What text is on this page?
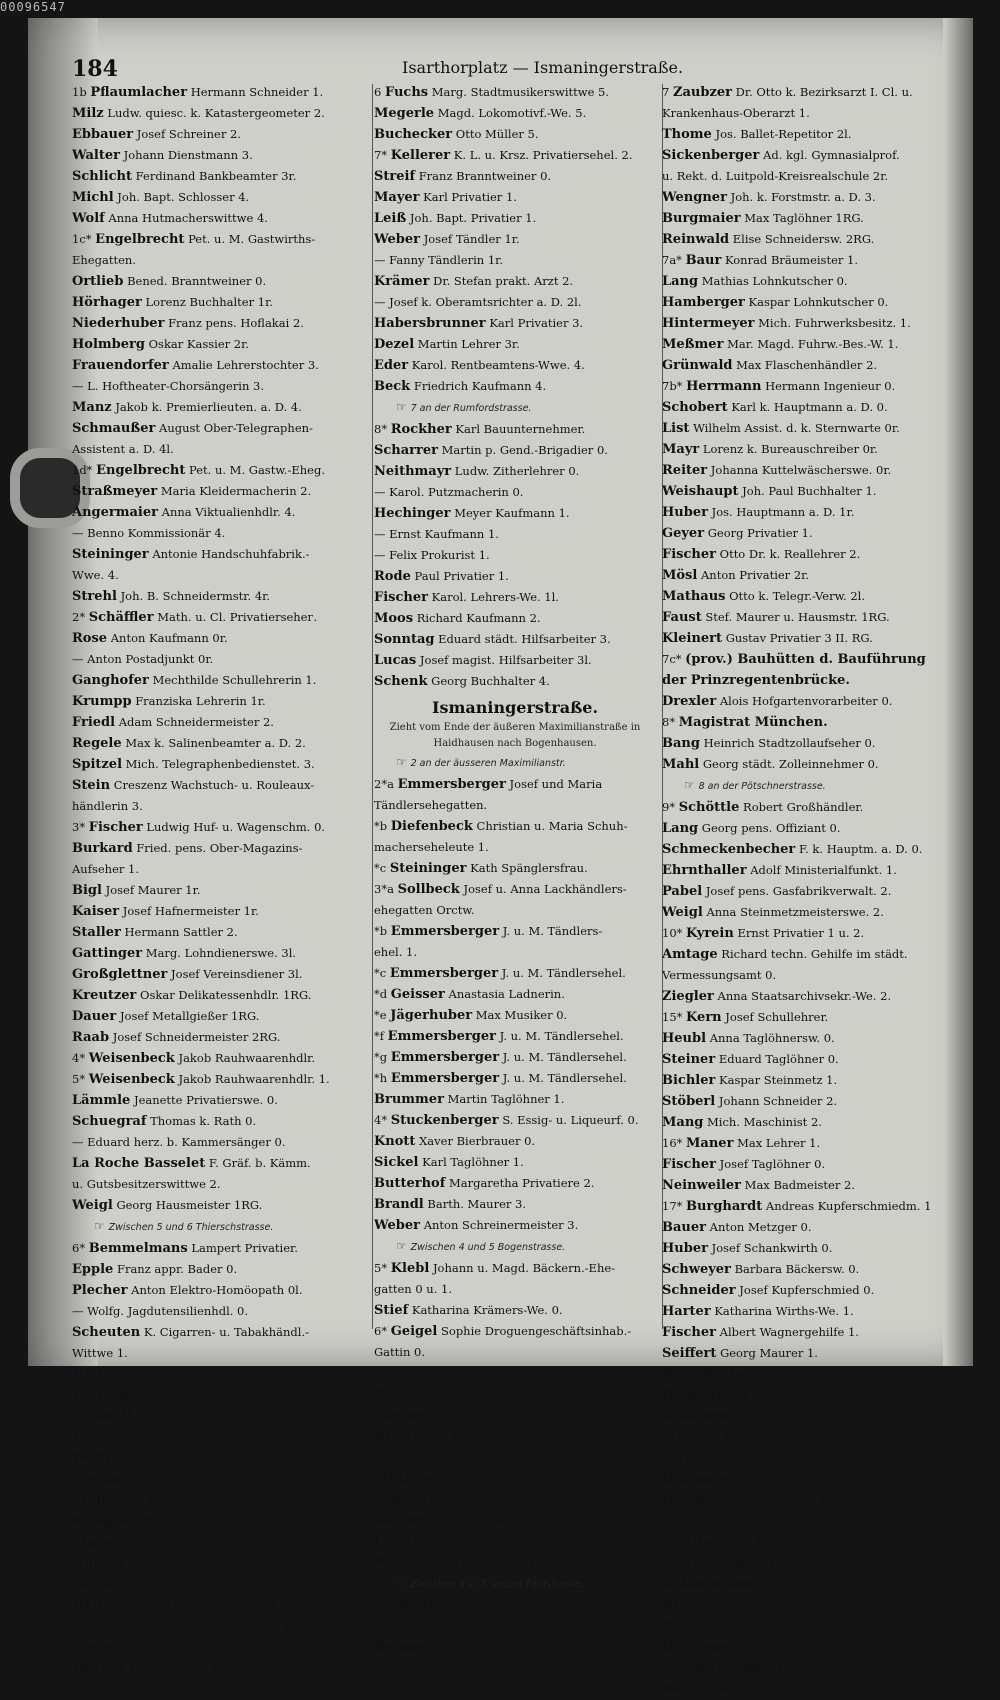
00096547
184	Isarthorplatz — Ismaningerstraße.
1b Pflaumlacher Hermann Schneider 1.
Milz Ludw. quiesc. k. Katastergeometer 2.
Ebbauer Josef Schreiner 2.
Walter Johann Dienstmann 3.
Schlicht Ferdinand Bankbeamter 3r.
Michl Joh. Bapt. Schlosser 4.
Wolf Anna Hutmacherswittwe 4.
1c* Engelbrecht Pet. u. M. Gastwirths-
Ehegatten.
Ortlieb Bened. Branntweiner 0.
Hörhager Lorenz Buchhalter 1r.
Niederhuber Franz pens. Hoflakai 2.
Holmberg Oskar Kassier 2r.
Frauendorfer Amalie Lehrerstochter 3.
— L. Hoftheater-Chorsängerin 3.
Manz Jakob k. Premierlieuten. a. D. 4.
Schmaußer August Ober-Telegraphen-
Assistent a. D. 4l.
1d* Engelbrecht Pet. u. M. Gastw.-Eheg.
Straßmeyer Maria Kleidermacherin 2.
Angermaier Anna Viktualienhdlr. 4.
— Benno Kommissionär 4.
Steininger Antonie Handschuhfabrik.-
Wwe. 4.
Strehl Joh. B. Schneidermstr. 4r.
2* Schäffler Math. u. Cl. Privatiersehег.
Rose Anton Kaufmann 0r.
— Anton Postadjunkt 0r.
Ganghofer Mechthilde Schullehrerin 1.
Krumpp Franziska Lehrerin 1r.
Friedl Adam Schneidermeister 2.
Regele Max k. Salinenbeamter a. D. 2.
Spitzel Mich. Telegraphenbedienstet. 3.
Stein Creszenz Wachstuch- u. Rouleaux-
händlerin 3.
3* Fischer Ludwig Huf- u. Wagenschm. 0.
Burkard Fried. pens. Ober-Magazins-
Aufseher 1.
Bigl Josef Maurer 1r.
Kaiser Josef Hafnermeister 1r.
Staller Hermann Sattler 2.
Gattinger Marg. Lohndienerswe. 3l.
Großglettner Josef Vereinsdiener 3l.
Kreutzer Oskar Delikatessenhdlr. 1RG.
Dauer Josef Metallgießer 1RG.
Raab Josef Schneidermeister 2RG.
4* Weisenbeck Jakob Rauhwaarenhdlr.
5* Weisenbeck Jakob Rauhwaarenhdlr. 1.
Lämmle Jeanette Privatierswe. 0.
Schuegraf Thomas k. Rath 0.
— Eduard herz. b. Kammersänger 0.
La Roche Basselet F. Gräf. b. Kämm.
u. Gutsbesitzerswittwe 2.
Weigl Georg Hausmeister 1RG.
☞ Zwischen 5 und 6 Thierschstrasse.
6* Bemmelmans Lampert Privatier.
Epple Franz appr. Bader 0.
Plecher Anton Elektro-Homöopath 0l.
— Wolfg. Jagdutensilienhdl. 0.
Scheuten K. Cigarren- u. Tabakhändl.-
Wittwe 1.
Heller Anton Goldarbeiter 1.
Fürtsch Maria Schneiderswittwe 1r.
Schmidl Josef k. Premierlieut. a. D. 1l.
Lorz Johann Schneidermeister 2.
Wolfram Johann Privatier 2.
Martin Josefine Advokatens-Wwe. 3.
Müller Gg. Lebensversich.-Agent 3.
Krieglsteiner Ida Arztenstochter 3.
Aigner Jakob Privatgelehrter 3r.
Nucker Alois Lederhändler 3m.
Nuile Franz Buchhalter 4.
Halter Therese Rothgerberswe. 4.
Grünwald Maria Gendarmenswe. 4r.
Gerzer Anna Bezirksamtsdien.-We. 4r.
Werner Maria Modes 4r.
6 Fuchs Marg. Stadtmusikerswittwe 5.
Megerle Magd. Lokomotivf.-We. 5.
Buchecker Otto Müller 5.
7* Kellerer K. L. u. Krsz. Privatiersehel. 2.
Streif Franz Branntweiner 0.
Mayer Karl Privatier 1.
Leiß Joh. Bapt. Privatier 1.
Weber Josef Tändler 1r.
— Fanny Tändlerin 1r.
Krämer Dr. Stefan prakt. Arzt 2.
— Josef k. Oberamtsrichter a. D. 2l.
Habersbrunner Karl Privatier 3.
Dezel Martin Lehrer 3r.
Eder Karol. Rentbeamtens-Wwe. 4.
Beck Friedrich Kaufmann 4.
☞ 7 an der Rumfordstrasse.
8* Rockher Karl Bauunternehmer.
Scharrer Martin p. Gend.-Brigadier 0.
Neithmayr Ludw. Zitherlehrer 0.
— Karol. Putzmacherin 0.
Hechinger Meyer Kaufmann 1.
— Ernst Kaufmann 1.
— Felix Prokurist 1.
Rode Paul Privatier 1.
Fischer Karol. Lehrers-We. 1l.
Moos Richard Kaufmann 2.
Sonntag Eduard städt. Hilfsarbeiter 3.
Lucas Josef magist. Hilfsarbeiter 3l.
Schenk Georg Buchhalter 4.
Ismaningerstraße.
Zieht vom Ende der äußeren Maximilianstraße in Haidhausen nach Bogenhausen.
☞ 2 an der äusseren Maximilianstr.
2*a Emmersberger Josef und Maria
Tändlersehegatten.
*b Diefenbeck Christian u. Maria Schuh-
machersehelеute 1.
*c Steininger Kath Spänglersfrau.
3*a Sollbeck Josef u. Anna Lackhändlers-
ehegatten Orctw.
*b Emmersberger J. u. M. Tändlers-
ehel. 1.
*c Emmersberger J. u. M. Tändlersehel.
*d Geisser Anastasia Ladnerin.
*e Jägerhuber Max Musiker 0.
*f Emmersberger J. u. M. Tändlersehel.
*g Emmersberger J. u. M. Tändlersehel.
*h Emmersberger J. u. M. Tändlersehel.
Brummer Martin Taglöhner 1.
4* Stuckenberger S. Essig- u. Liqueurf. 0.
Knott Xaver Bierbrauer 0.
Sickel Karl Taglöhner 1.
Butterhof Margaretha Privatiere 2.
Brandl Barth. Maurer 3.
Weber Anton Schreinermeister 3.
☞ Zwischen 4 und 5 Bogenstrasse.
5* Klebl Johann u. Magd. Bäckern.-Ehe-
gatten 0 u. 1.
Stief Katharina Krämers-We. 0.
6* Geigel Sophie Droguengeschäftsinhab.-
Gattin 0.
— Mart. Dr. phil. Droguengesch.-Inh. 0.
Reiser Eduard Sattler u. Tapezierer 0.
Steiner Georg Taglöhner 1.
Bräu Josefa Krämerswe. 1.
— Xaver Viehpraxer 1.
Mutzbauer Johann Vorarbeiter 2.
Schlicht Michael Dienstmann 2.
Danger Xaver Dienstmann 2.
Lang Mich. Weißgerber 1RG.
Weber Anton Bandsäger 1RG.
☞ Zwischen 6 u. 7. untere Feldstrasse.
7* Menter Xaver jun. Schankwirth 1.
— Xaver sen. Privatier 0.
Rubner Konrad Uhrmacher 0.
7 Zaubzer Dr. Otto k. Bezirksarzt I. Cl. u.
Krankenhaus-Oberarzt 1.
Thome Jos. Ballet-Repetitor 2l.
Sickenberger Ad. kgl. Gymnasialprof.
u. Rekt. d. Luitpold-Kreisrealschule 2r.
Wengner Joh. k. Forstmstr. a. D. 3.
Burgmaier Max Taglöhner 1RG.
Reinwald Elise Schneidersw. 2RG.
7a* Baur Konrad Bräumeister 1.
Lang Mathias Lohnkutscher 0.
Hamberger Kaspar Lohnkutscher 0.
Hintermeyer Mich. Fuhrwerksbesitz. 1.
Meßmer Mar. Magd. Fuhrw.-Bes.-W. 1.
Grünwald Max Flaschenhändler 2.
7b* Herrmann Hermann Ingenieur 0.
Schobert Karl k. Hauptmann a. D. 0.
List Wilhelm Assist. d. k. Sternwarte 0r.
Mayr Lorenz k. Bureauschreiber 0r.
Reiter Johanna Kuttelwäscherswe. 0r.
Weishaupt Joh. Paul Buchhalter 1.
Huber Jos. Hauptmann a. D. 1r.
Geyer Georg Privatier 1.
Fischer Otto Dr. k. Reallehrer 2.
Mösl Anton Privatier 2r.
Mathaus Otto k. Telegr.-Verw. 2l.
Faust Stef. Maurer u. Hausmstr. 1RG.
Kleinert Gustav Privatier 3 II. RG.
7c* (prov.) Bauhütten d. Bauführung
der Prinzregentenbrücke.
Drexler Alois Hofgartenvorarbeiter 0.
8* Magistrat München.
Bang Heinrich Stadtzollaufseher 0.
Mahl Georg städt. Zolleinnehmer 0.
☞ 8 an der Pötschnerstrasse.
9* Schöttle Robert Großhändler.
Lang Georg pens. Offiziant 0.
Schmeckenbecher F. k. Hauptm. a. D. 0.
Ehrnthaller Adolf Ministerialfunkt. 1.
Pabel Josef pens. Gasfabrikverwalt. 2.
Weigl Anna Steinmetzmeisterswe. 2.
10* Kyrein Ernst Privatier 1 u. 2.
Amtage Richard techn. Gehilfe im städt.
Vermessungsamt 0.
Ziegler Anna Staatsarchivsekr.-We. 2.
15* Kern Josef Schullehrer.
Heubl Anna Taglöhnersw. 0.
Steiner Eduard Taglöhner 0.
Bichler Kaspar Steinmetz 1.
Stöberl Johann Schneider 2.
Mang Mich. Maschinist 2.
16* Maner Max Lehrer 1.
Fischer Josef Taglöhner 0.
Neinweiler Max Badmeister 2.
17* Burghardt Andreas Kupferschmiedm. 1
Bauer Anton Metzger 0.
Huber Josef Schankwirth 0.
Schweyer Barbara Bäckersw. 0.
Schneider Josef Kupferschmied 0.
Harter Katharina Wirths-We. 1.
Fischer Albert Wagnergehilfe 1.
Seiffert Georg Maurer 1.
Krumbacher Mich. Kupferschmied 1r.
Hirschinger A. Schmiedmstrs.-W. 1l.
Grabinger Elise Advokatenstochter 2.
— Hier. p. k. k. Maschinenmeister 2.
Ferstl Magd. Mühlzächters-We. 2.
Hiltmaier Franz Hausmeister 0RG.
Dambacher Andr. vorm. Fuhrwerksbe-
sitzer 2RG.
18* Oberndorfer Josef u. A. Gastw.-Eheg.
19* Oberndorfer Jos. u. A. Gastw.-Eheg. 0.
Goldbrunner Andr. Fuhrmann 0.
Krenn Christian Taglöhner 1.
Betz Josef Fuhrmann 1.
Hollinger Jos. Fuhrwerksbesitzer 1RG.
20* Steckermeier Josef Gänsehändler.
Deininger Jakob Lohnkutscher 0.
